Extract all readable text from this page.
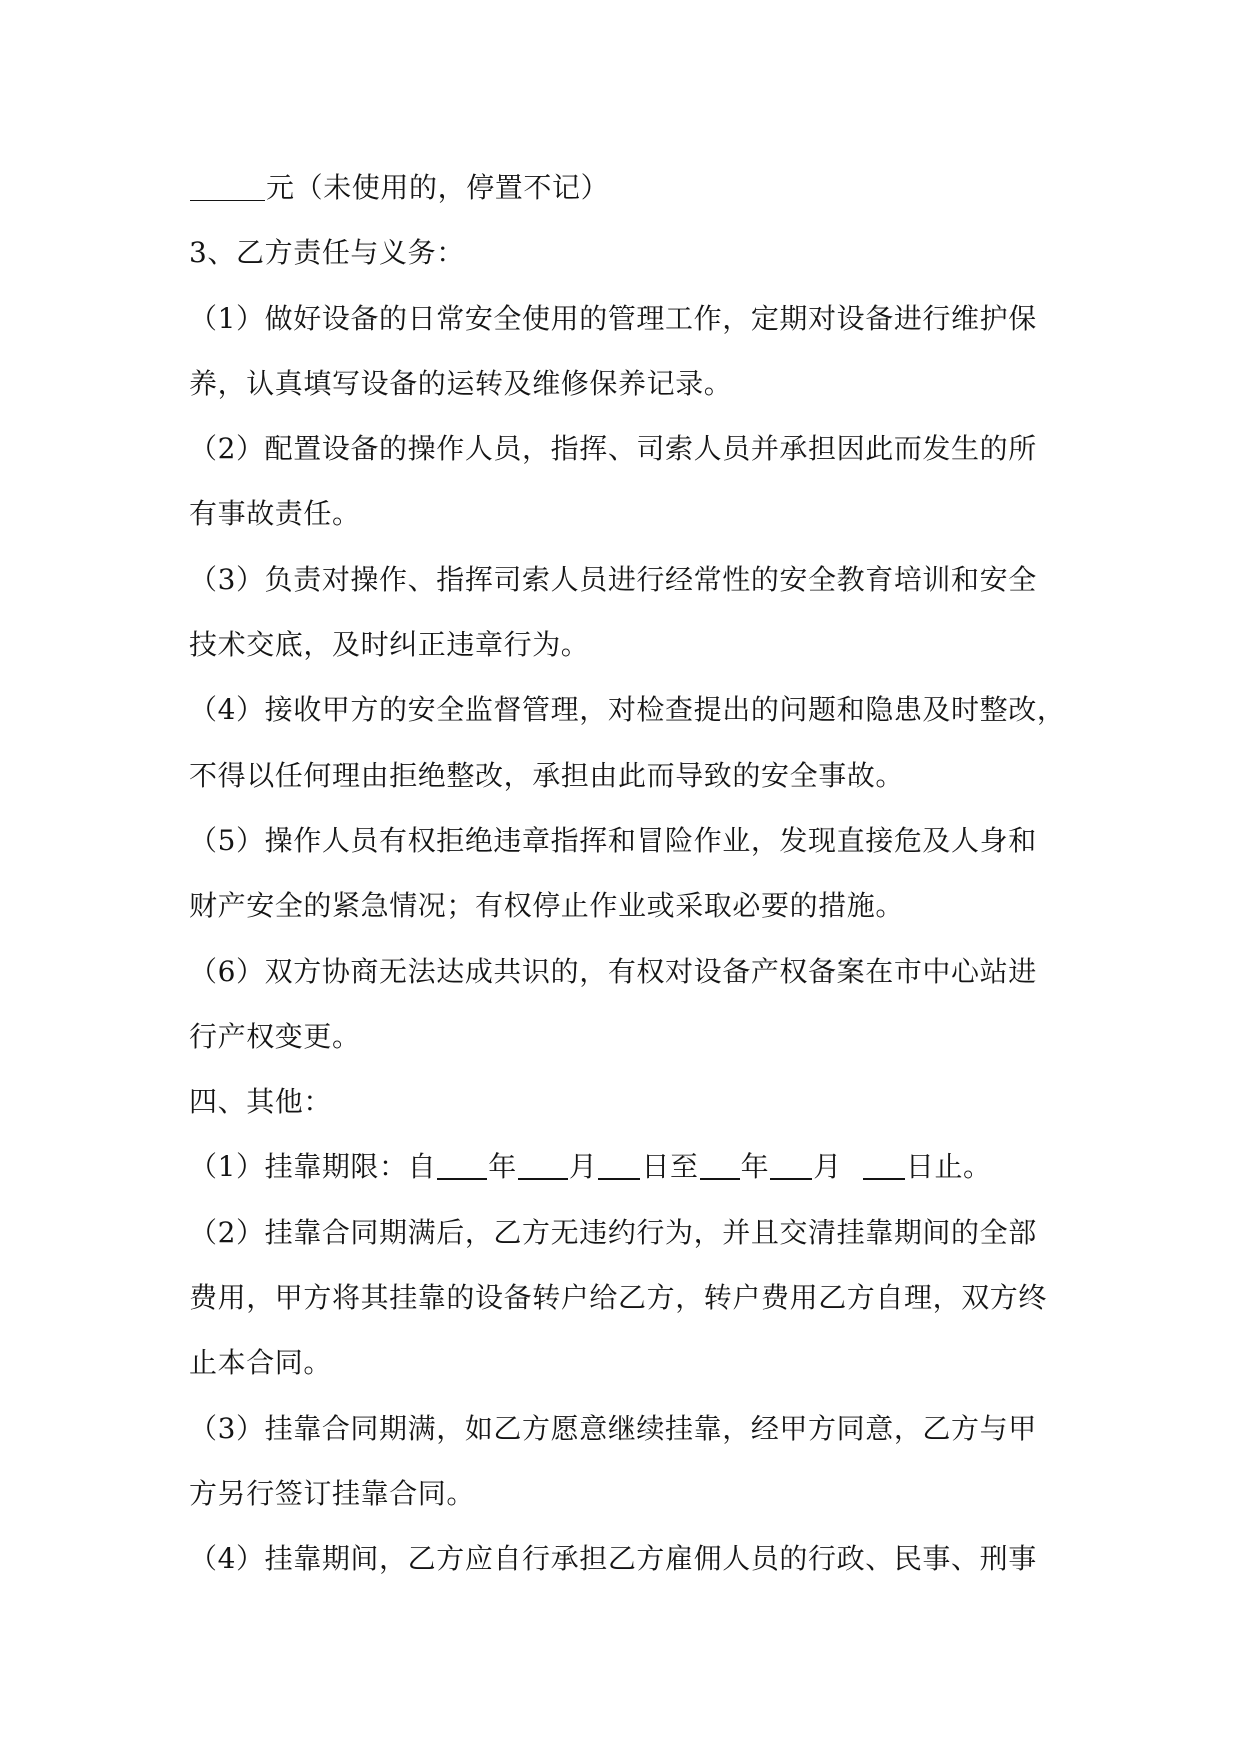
元（未使用的，停置不记）

3、乙方责任与义务：

（1）做好设备的日常安全使用的管理工作，定期对设备进行维护保
养，认真填写设备的运转及维修保养记录。

（2）配置设备的操作人员，指挥、司索人员并承担因此而发生的所
有事故责任。

（3）负责对操作、指挥司索人员进行经常性的安全教育培训和安全
技术交底，及时纠正违章行为。

（4）接收甲方的安全监督管理，对检查提出的问题和隐患及时整改，
不得以任何理由拒绝整改，承担由此而导致的安全事故。

（5）操作人员有权拒绝违章指挥和冒险作业，发现直接危及人身和
财产安全的紧急情况；有权停止作业或采取必要的措施。

（6）双方协商无法达成共识的，有权对设备产权备案在市中心站进
行产权变更。

四、其他：

（1）挂靠期限：自 年 月 日至 年 月 日止。

（2）挂靠合同期满后，乙方无违约行为，并且交清挂靠期间的全部
费用，甲方将其挂靠的设备转户给乙方，转户费用乙方自理，双方终
止本合同。

（3）挂靠合同期满，如乙方愿意继续挂靠，经甲方同意，乙方与甲
方另行签订挂靠合同。

（4）挂靠期间，乙方应自行承担乙方雇佣人员的行政、民事、刑事
